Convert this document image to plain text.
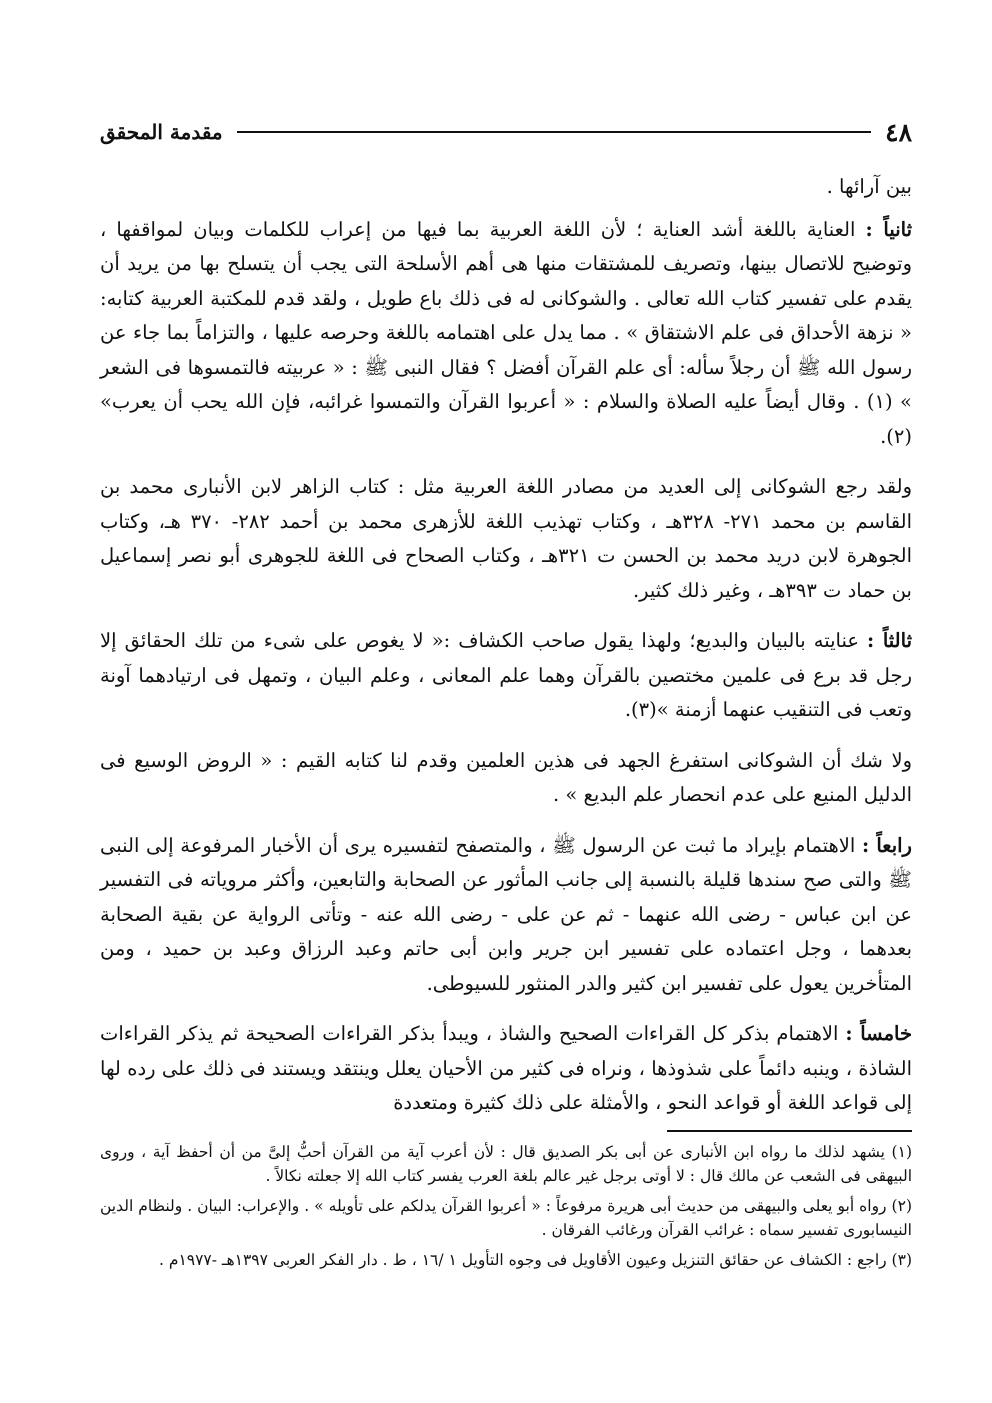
٤٨
مقدمة المحقق

بين آرائها .

ثانياً : العناية باللغة أشد العناية ؛ لأن اللغة العربية بما فيها من إعراب للكلمات وبيان لمواقفها ، وتوضيح للاتصال بينها، وتصريف للمشتقات منها هى أهم الأسلحة التى يجب أن يتسلح بها من يريد أن يقدم على تفسير كتاب الله تعالى . والشوكانى له فى ذلك باع طويل ، ولقد قدم للمكتبة العربية كتابه: « نزهة الأحداق فى علم الاشتقاق » . مما يدل على اهتمامه باللغة وحرصه عليها ، والتزاماً بما جاء عن رسول الله ﷺ أن رجلاً سأله: أى علم القرآن أفضل ؟ فقال النبى ﷺ : « عربيته فالتمسوها فى الشعر » (١) . وقال أيضاً عليه الصلاة والسلام : « أعربوا القرآن والتمسوا غرائبه، فإن الله يحب أن يعرب» (٢).

ولقد رجع الشوكانى إلى العديد من مصادر اللغة العربية مثل : كتاب الزاهر لابن الأنبارى محمد بن القاسم بن محمد ٢٧١- ٣٢٨هـ ، وكتاب تهذيب اللغة للأزهرى محمد بن أحمد ٢٨٢- ٣٧٠ هـ، وكتاب الجوهرة لابن دريد محمد بن الحسن ت ٣٢١هـ ، وكتاب الصحاح فى اللغة للجوهرى أبو نصر إسماعيل بن حماد ت ٣٩٣هـ ، وغير ذلك كثير.

ثالثاً : عنايته بالبيان والبديع؛ ولهذا يقول صاحب الكشاف :« لا يغوص على شىء من تلك الحقائق إلا رجل قد برع فى علمين مختصين بالقرآن وهما علم المعانى ، وعلم البيان ، وتمهل فى ارتيادهما آونة وتعب فى التنقيب عنهما أزمنة »(٣).

ولا شك أن الشوكانى استفرغ الجهد فى هذين العلمين وقدم لنا كتابه القيم : « الروض الوسيع فى الدليل المنيع على عدم انحصار علم البديع » .

رابعاً : الاهتمام بإيراد ما ثبت عن الرسول ﷺ ، والمتصفح لتفسيره يرى أن الأخبار المرفوعة إلى النبى ﷺ والتى صح سندها قليلة بالنسبة إلى جانب المأثور عن الصحابة والتابعين، وأكثر مروياته فى التفسير عن ابن عباس - رضى الله عنهما - ثم عن على - رضى الله عنه - وتأتى الرواية عن بقية الصحابة بعدهما ، وجل اعتماده على تفسير ابن جرير وابن أبى حاتم وعبد الرزاق وعبد بن حميد ، ومن المتأخرين يعول على تفسير ابن كثير والدر المنثور للسيوطى.

خامساً : الاهتمام بذكر كل القراءات الصحيح والشاذ ، ويبدأ بذكر القراءات الصحيحة ثم يذكر القراءات الشاذة ، وينبه دائماً على شذوذها ، ونراه فى كثير من الأحيان يعلل وينتقد ويستند فى ذلك على رده لها إلى قواعد اللغة أو قواعد النحو ، والأمثلة على ذلك كثيرة ومتعددة

(١) يشهد لذلك ما رواه ابن الأنبارى عن أبى بكر الصديق قال : لأن أعرب آية من القرآن أحبُّ إلىَّ من أن أحفظ آية ، وروى البيهقى فى الشعب عن مالك قال : لا أوتى برجل غير عالم بلغة العرب يفسر كتاب الله إلا جعلته نكالاً .

(٢) رواه أبو يعلى والبيهقى من حديث أبى هريرة مرفوعاً : « أعربوا القرآن يدلكم على تأويله » . والإعراب: البيان . ولنظام الدين النيسابورى تفسير سماه : غرائب القرآن ورغائب الفرقان .

(٣) راجع : الكشاف عن حقائق التنزيل وعيون الأقاويل فى وجوه التأويل ١ /١٦ ، ط . دار الفكر العربى ١٣٩٧هـ -١٩٧٧م .
